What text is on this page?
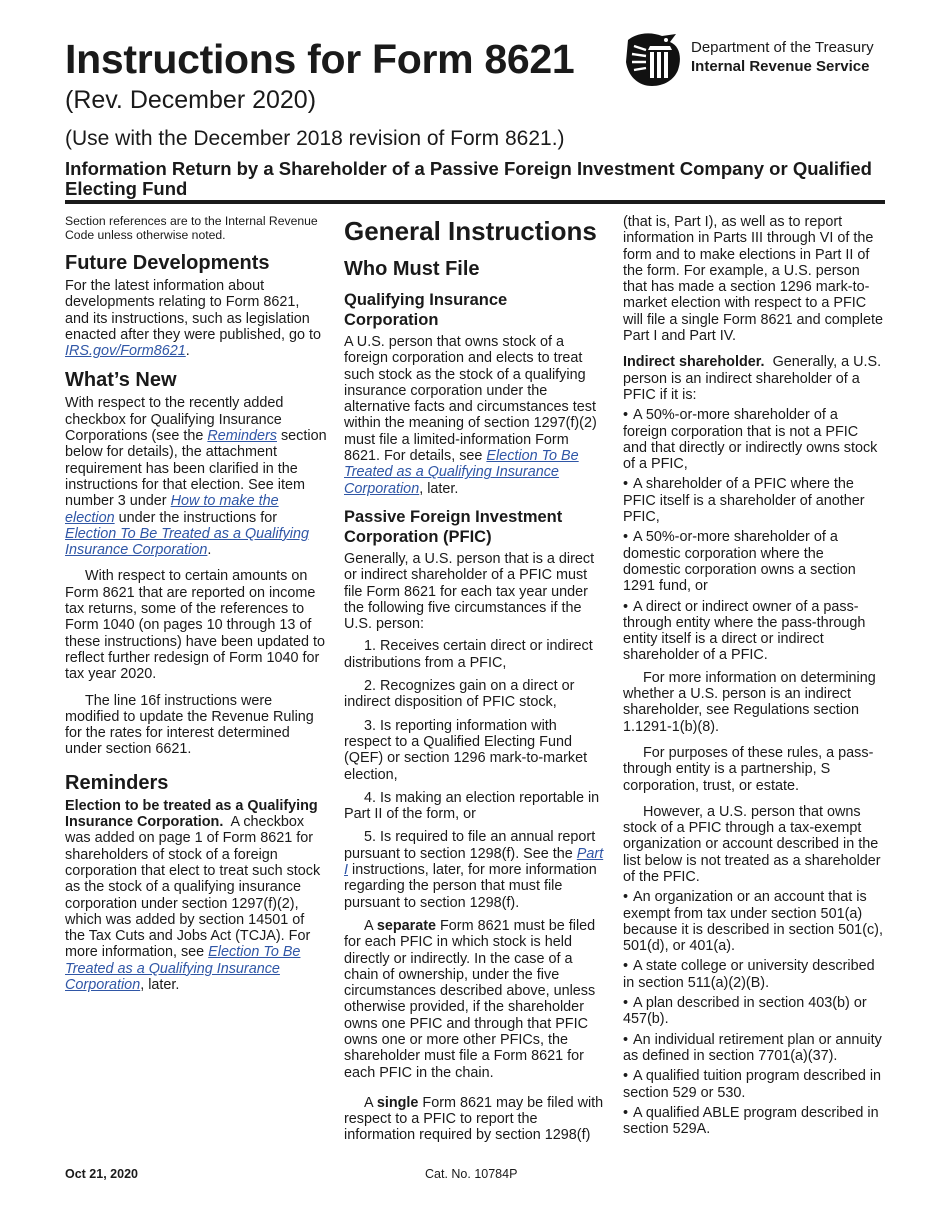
Instructions for Form 8621
(Rev. December 2020)
(Use with the December 2018 revision of Form 8621.)
Information Return by a Shareholder of a Passive Foreign Investment Company or Qualified Electing Fund
Department of the Treasury
Internal Revenue Service

Section references are to the Internal Revenue Code unless otherwise noted.

Future Developments

For the latest information about developments relating to Form 8621, and its instructions, such as legislation enacted after they were published, go to IRS.gov/Form8621.

What’s New

With respect to the recently added checkbox for Qualifying Insurance Corporations (see the Reminders section below for details), the attachment requirement has been clarified in the instructions for that election. See item number 3 under How to make the election under the instructions for Election To Be Treated as a Qualifying Insurance Corporation.

With respect to certain amounts on Form 8621 that are reported on income tax returns, some of the references to Form 1040 (on pages 10 through 13 of these instructions) have been updated to reflect further redesign of Form 1040 for tax year 2020.

The line 16f instructions were modified to update the Revenue Ruling for the rates for interest determined under section 6621.

Reminders

Election to be treated as a Qualifying Insurance Corporation. A checkbox was added on page 1 of Form 8621 for shareholders of stock of a foreign corporation that elect to treat such stock as the stock of a qualifying insurance corporation under section 1297(f)(2), which was added by section 14501 of the Tax Cuts and Jobs Act (TCJA). For more information, see Election To Be Treated as a Qualifying Insurance Corporation, later.

General Instructions
Who Must File
Qualifying Insurance Corporation

A U.S. person that owns stock of a foreign corporation and elects to treat such stock as the stock of a qualifying insurance corporation under the alternative facts and circumstances test within the meaning of section 1297(f)(2) must file a limited-information Form 8621. For details, see Election To Be Treated as a Qualifying Insurance Corporation, later.

Passive Foreign Investment Corporation (PFIC)

Generally, a U.S. person that is a direct or indirect shareholder of a PFIC must file Form 8621 for each tax year under the following five circumstances if the U.S. person:

1. Receives certain direct or indirect distributions from a PFIC,
2. Recognizes gain on a direct or indirect disposition of PFIC stock,
3. Is reporting information with respect to a Qualified Electing Fund (QEF) or section 1296 mark-to-market election,
4. Is making an election reportable in Part II of the form, or
5. Is required to file an annual report pursuant to section 1298(f). See the Part I instructions, later, for more information regarding the person that must file pursuant to section 1298(f).

A separate Form 8621 must be filed for each PFIC in which stock is held directly or indirectly. In the case of a chain of ownership, under the five circumstances described above, unless otherwise provided, if the shareholder owns one PFIC and through that PFIC owns one or more other PFICs, the shareholder must file a Form 8621 for each PFIC in the chain.

A single Form 8621 may be filed with respect to a PFIC to report the information required by section 1298(f)

(that is, Part I), as well as to report information in Parts III through VI of the form and to make elections in Part II of the form. For example, a U.S. person that has made a section 1296 mark-to-market election with respect to a PFIC will file a single Form 8621 and complete Part I and Part IV.

Indirect shareholder. Generally, a U.S. person is an indirect shareholder of a PFIC if it is:

• A 50%-or-more shareholder of a foreign corporation that is not a PFIC and that directly or indirectly owns stock of a PFIC,
• A shareholder of a PFIC where the PFIC itself is a shareholder of another PFIC,
• A 50%-or-more shareholder of a domestic corporation where the domestic corporation owns a section 1291 fund, or
• A direct or indirect owner of a pass-through entity where the pass-through entity itself is a direct or indirect shareholder of a PFIC.

For more information on determining whether a U.S. person is an indirect shareholder, see Regulations section 1.1291-1(b)(8).

For purposes of these rules, a pass-through entity is a partnership, S corporation, trust, or estate.

However, a U.S. person that owns stock of a PFIC through a tax-exempt organization or account described in the list below is not treated as a shareholder of the PFIC.

• An organization or an account that is exempt from tax under section 501(a) because it is described in section 501(c), 501(d), or 401(a).
• A state college or university described in section 511(a)(2)(B).
• A plan described in section 403(b) or 457(b).
• An individual retirement plan or annuity as defined in section 7701(a)(37).
• A qualified tuition program described in section 529 or 530.
• A qualified ABLE program described in section 529A.
Oct 21, 2020	Cat. No. 10784P
